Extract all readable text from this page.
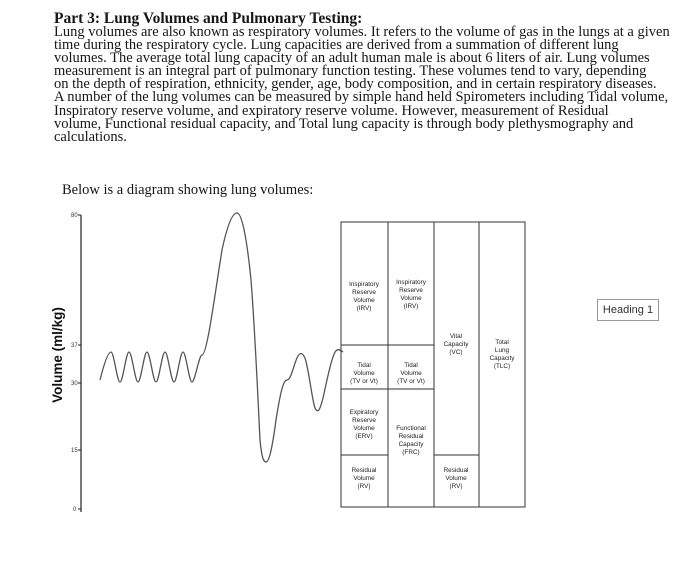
Part 3: Lung Volumes and Pulmonary Testing:
Lung volumes are also known as respiratory volumes. It refers to the volume of gas in the lungs at a given
time during the respiratory cycle. Lung capacities are derived from a summation of different lung
volumes. The average total lung capacity of an adult human male is about 6 liters of air. Lung volumes
measurement is an integral part of pulmonary function testing. These volumes tend to vary, depending
on the depth of respiration, ethnicity, gender, age, body composition, and in certain respiratory diseases.
A number of the lung volumes can be measured by simple hand held Spirometers including Tidal volume,
Inspiratory reserve volume, and expiratory reserve volume. However, measurement of Residual
volume, Functional residual capacity, and Total lung capacity is through body plethysmography and
calculations.
Below is a diagram showing lung volumes:
Heading 1
80
37
30
15
0
Volume (ml/kg)
Inspiratory Reserve Volume (IRV)
Tidal Volume (TV or Vt)
Expiratory Reserve Volume (ERV)
Residual Volume (RV)
Inspiratory Reserve Volume (IRV)
Tidal Volume (TV or Vt)
Functional Residual Capacity (FRC)
Vital Capacity (VC)
Residual Volume (RV)
Total Lung Capacity (TLC)
